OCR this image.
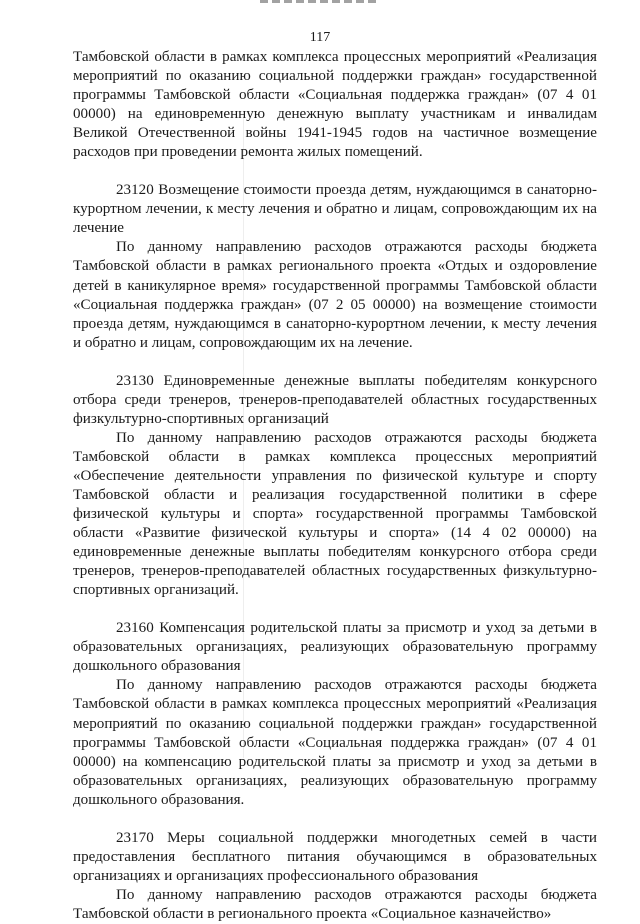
117

Тамбовской области в рамках комплекса процессных мероприятий «Реализация мероприятий по оказанию социальной поддержки граждан» государственной программы Тамбовской области «Социальная поддержка граждан» (07 4 01 00000) на единовременную денежную выплату участникам и инвалидам Великой Отечественной войны 1941-1945 годов на частичное возмещение расходов при проведении ремонта жилых помещений.

23120 Возмещение стоимости проезда детям, нуждающимся в санаторно-курортном лечении, к месту лечения и обратно и лицам, сопровождающим их на лечение

По данному направлению расходов отражаются расходы бюджета Тамбовской области в рамках регионального проекта «Отдых и оздоровление детей в каникулярное время» государственной программы Тамбовской области «Социальная поддержка граждан» (07 2 05 00000) на возмещение стоимости проезда детям, нуждающимся в санаторно-курортном лечении, к месту лечения и обратно и лицам, сопровождающим их на лечение.

23130 Единовременные денежные выплаты победителям конкурсного отбора среди тренеров, тренеров-преподавателей областных государственных физкультурно-спортивных организаций

По данному направлению расходов отражаются расходы бюджета Тамбовской области в рамках комплекса процессных мероприятий «Обеспечение деятельности управления по физической культуре и спорту Тамбовской области и реализация государственной политики в сфере физической культуры и спорта» государственной программы Тамбовской области «Развитие физической культуры и спорта» (14 4 02 00000) на единовременные денежные выплаты победителям конкурсного отбора среди тренеров, тренеров-преподавателей областных государственных физкультурно-спортивных организаций.

23160 Компенсация родительской платы за присмотр и уход за детьми в образовательных организациях, реализующих образовательную программу дошкольного образования

По данному направлению расходов отражаются расходы бюджета Тамбовской области в рамках комплекса процессных мероприятий «Реализация мероприятий по оказанию социальной поддержки граждан» государственной программы Тамбовской области «Социальная поддержка граждан» (07 4 01 00000) на компенсацию родительской платы за присмотр и уход за детьми в образовательных организациях, реализующих образовательную программу дошкольного образования.

23170 Меры социальной поддержки многодетных семей в части предоставления бесплатного питания обучающимся в образовательных организациях и организациях профессионального образования

По данному направлению расходов отражаются расходы бюджета Тамбовской области в регионального проекта «Социальное казначейство»
